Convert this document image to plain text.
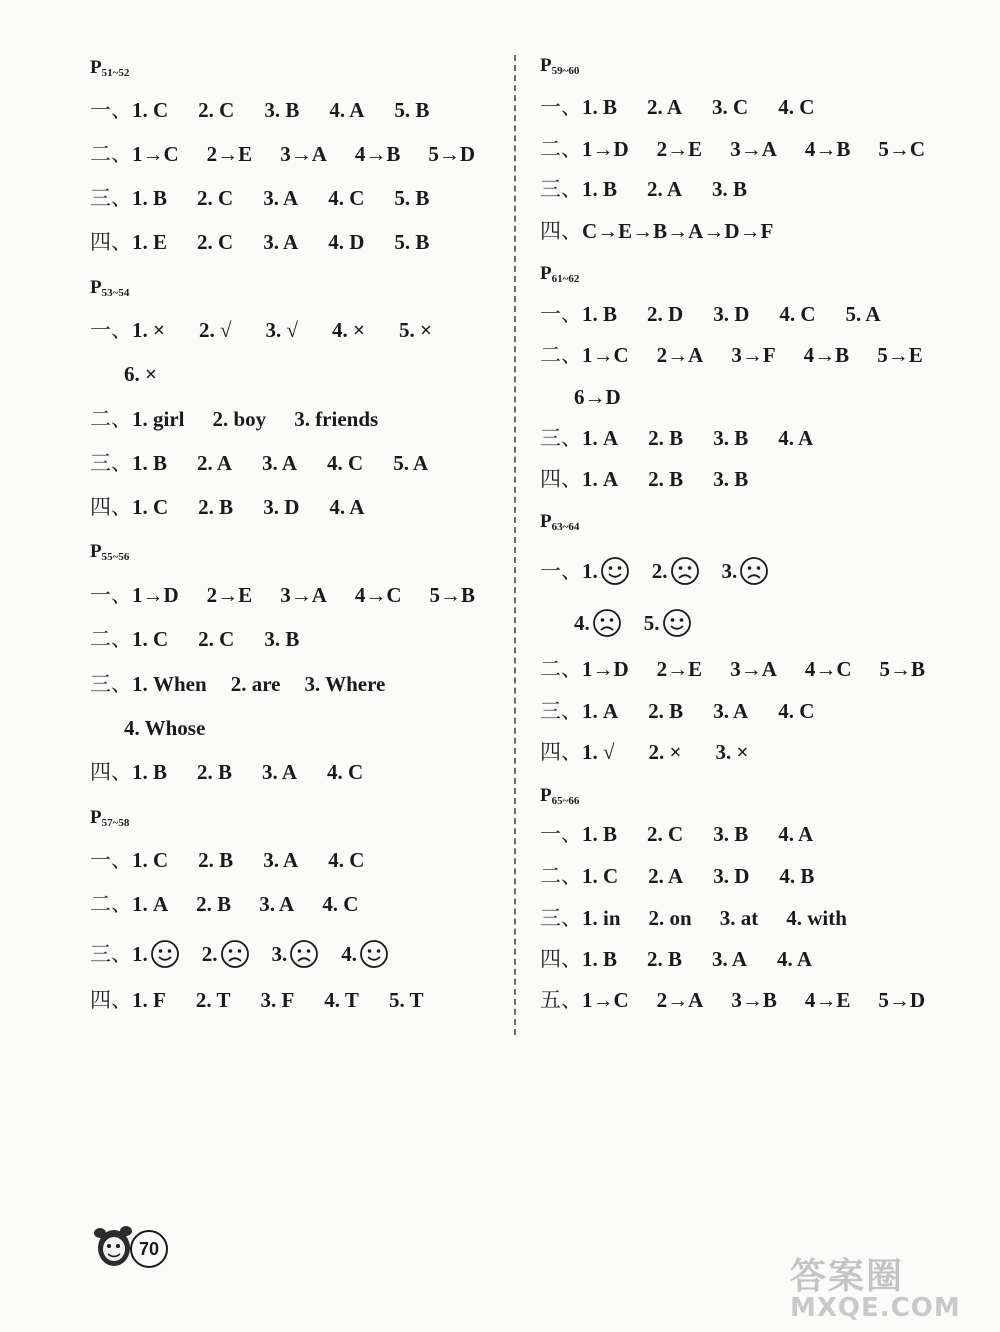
$P_{51\sim 52}$
一、1. C 2. C 3. B 4. A 5. B
二、1→C 2→E 3→A 4→B 5→D
三、1. B 2. C 3. A 4. C 5. B
四、1. E 2. C 3. A 4. D 5. B
$P_{53\sim 54}$
一、1. × 2. √ 3. √ 4. × 5. ×
6. ×
二、1. girl 2. boy 3. friends
三、1. B 2. A 3. A 4. C 5. A
四、1. C 2. B 3. D 4. A
$P_{55\sim 56}$
一、1→D 2→E 3→A 4→C 5→B
二、1. C 2. C 3. B
三、1. When 2. are 3. Where
4. Whose
四、1. B 2. B 3. A 4. C
$P_{57\sim 58}$
一、1. C 2. B 3. A 4. C
二、1. A 2. B 3. A 4. C
三、1.	2.	3.	4.
四、1. F 2. T 3. F 4. T 5. T
$P_{59\sim 60}$
一、1. B 2. A 3. C 4. C
二、1→D 2→E 3→A 4→B 5→C
三、1. B 2. A 3. B
四、C→E→B→A→D→F
$P_{61\sim 62}$
一、1. B 2. D 3. D 4. C 5. A
二、1→C 2→A 3→F 4→B 5→E
6→D
三、1. A 2. B 3. B 4. A
四、1. A 2. B 3. B
$P_{63\sim 64}$
一、1.	2.	3.
4.	5.
二、1→D 2→E 3→A 4→C 5→B
三、1. A 2. B 3. A 4. C
四、1. √ 2. × 3. ×
$P_{65\sim 66}$
一、1. B 2. C 3. B 4. A
二、1. C 2. A 3. D 4. B
三、1. in 2. on 3. at 4. with
四、1. B 2. B 3. A 4. A
五、1→C 2→A 3→B 4→E 5→D
70
答案圈
MXQE.COM
